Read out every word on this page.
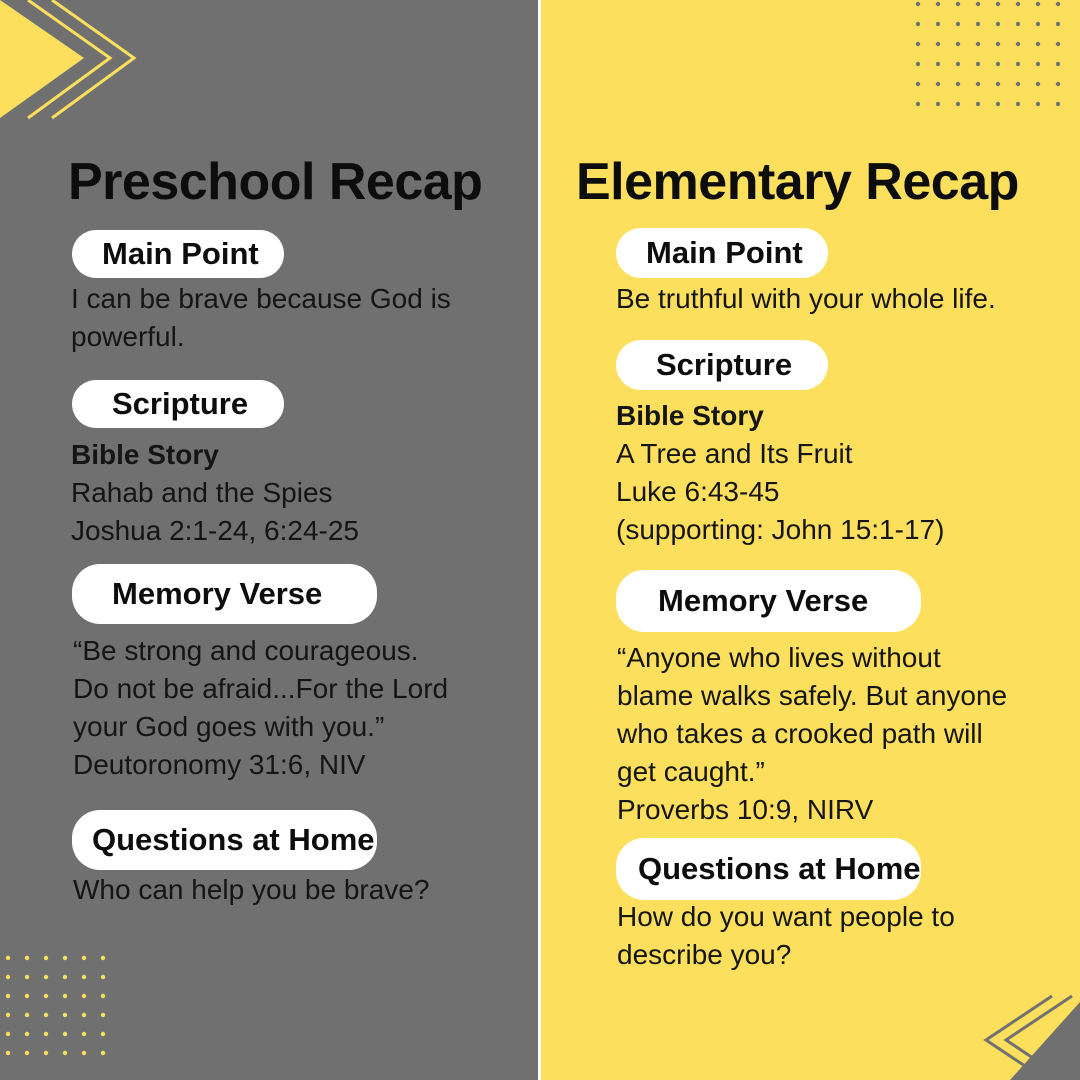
Preschool Recap
Main Point
I can be brave because God is
powerful.
Scripture
Bible Story
Rahab and the Spies
Joshua 2:1-24, 6:24-25
Memory Verse
“Be strong and courageous.
Do not be afraid...For the Lord
your God goes with you.”
Deutoronomy 31:6, NIV
Questions at Home
Who can help you be brave?
Elementary Recap
Main Point
Be truthful with your whole life.
Scripture
Bible Story
A Tree and Its Fruit
Luke 6:43-45
(supporting: John 15:1-17)
Memory Verse
“Anyone who lives without
blame walks safely. But anyone
who takes a crooked path will
get caught.”
Proverbs 10:9, NIRV
Questions at Home
How do you want people to
describe you?
